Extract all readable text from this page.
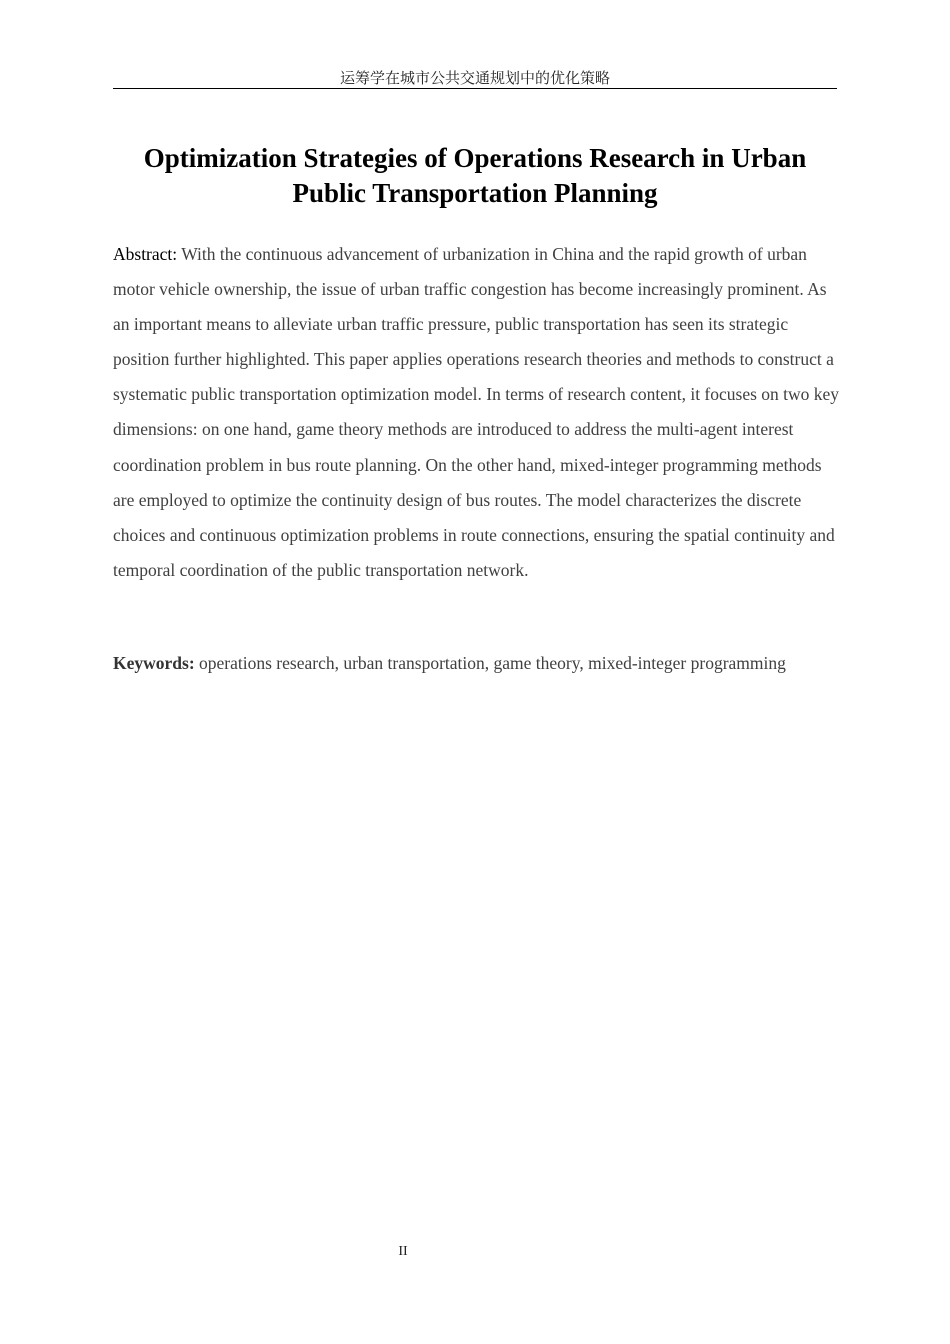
运筹学在城市公共交通规划中的优化策略
Optimization Strategies of Operations Research in Urban Public Transportation Planning

Abstract: With the continuous advancement of urbanization in China and the rapid growth of urban motor vehicle ownership, the issue of urban traffic congestion has become increasingly prominent. As an important means to alleviate urban traffic pressure, public transportation has seen its strategic position further highlighted. This paper applies operations research theories and methods to construct a systematic public transportation optimization model. In terms of research content, it focuses on two key dimensions: on one hand, game theory methods are introduced to address the multi-agent interest coordination problem in bus route planning. On the other hand, mixed-integer programming methods are employed to optimize the continuity design of bus routes. The model characterizes the discrete choices and continuous optimization problems in route connections, ensuring the spatial continuity and temporal coordination of the public transportation network.

Keywords: operations research, urban transportation, game theory, mixed-integer programming

II
